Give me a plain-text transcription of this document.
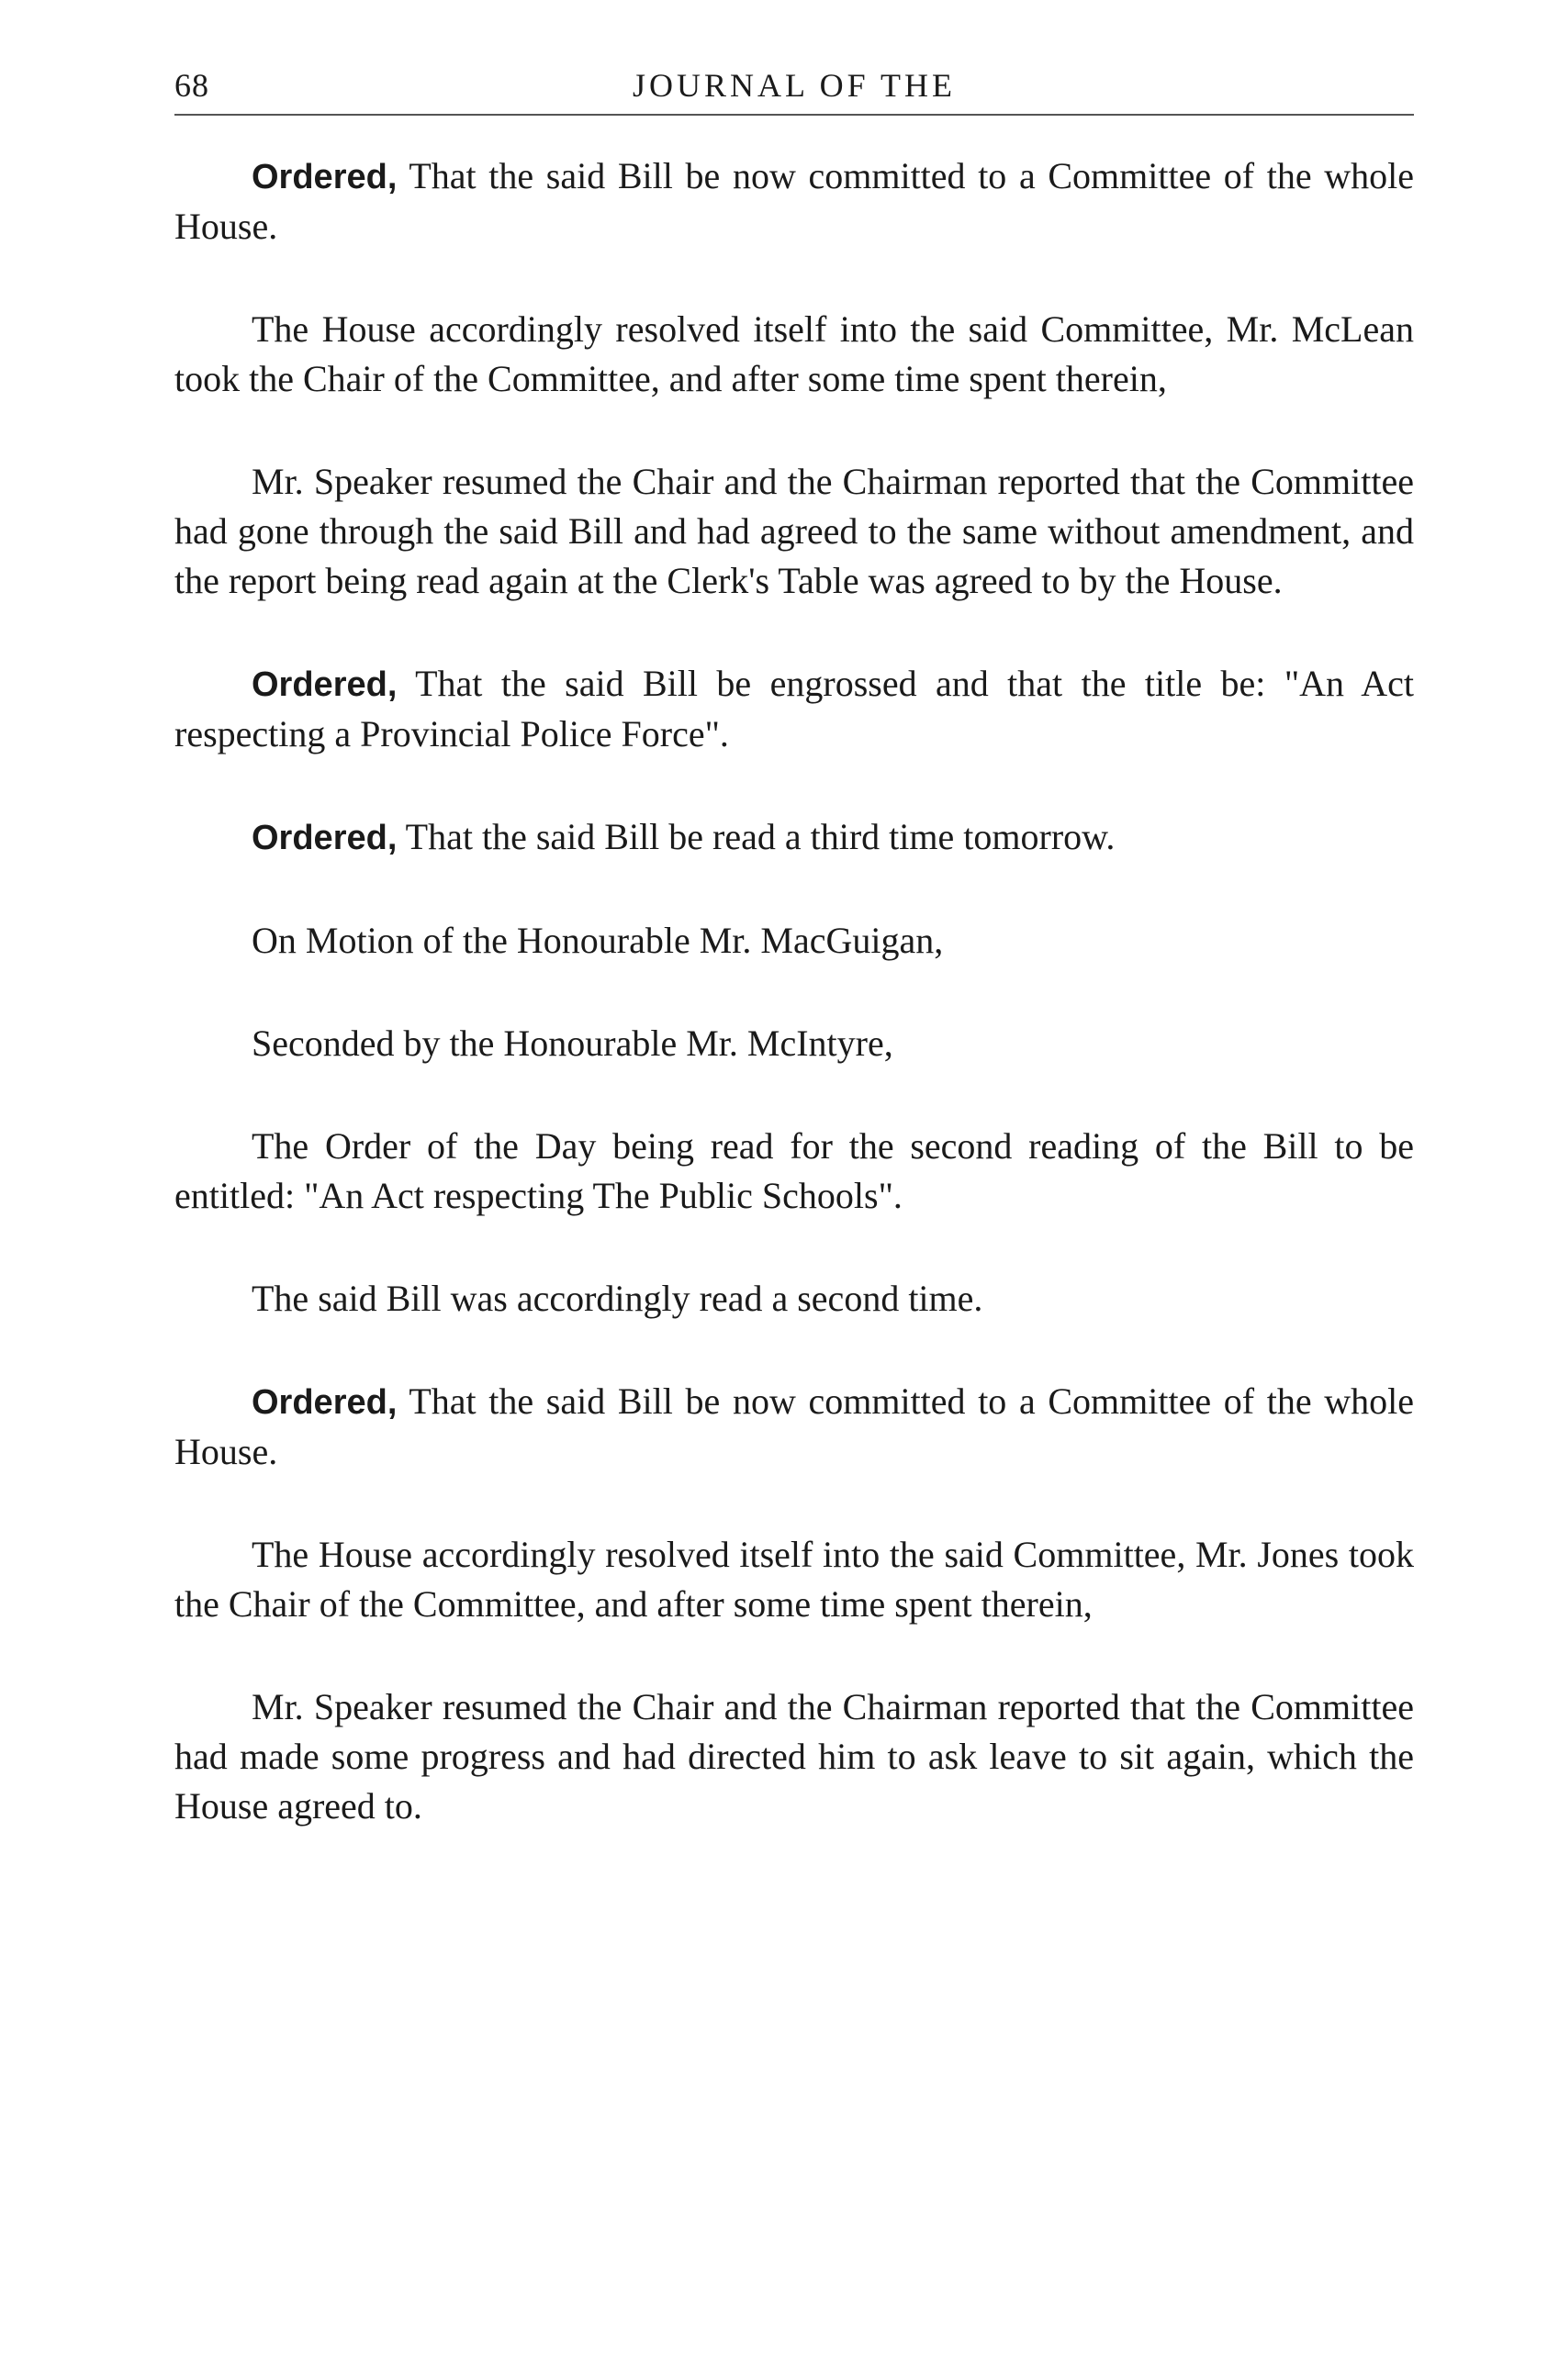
68	JOURNAL OF THE

Ordered, That the said Bill be now committed to a Committee of the whole House.

The House accordingly resolved itself into the said Committee, Mr. McLean took the Chair of the Committee, and after some time spent therein,

Mr. Speaker resumed the Chair and the Chairman reported that the Committee had gone through the said Bill and had agreed to the same without amendment, and the report being read again at the Clerk's Table was agreed to by the House.

Ordered, That the said Bill be engrossed and that the title be: "An Act respecting a Provincial Police Force".

Ordered, That the said Bill be read a third time tomorrow.

On Motion of the Honourable Mr. MacGuigan,

Seconded by the Honourable Mr. McIntyre,

The Order of the Day being read for the second reading of the Bill to be entitled: "An Act respecting The Public Schools".

The said Bill was accordingly read a second time.

Ordered, That the said Bill be now committed to a Committee of the whole House.

The House accordingly resolved itself into the said Committee, Mr. Jones took the Chair of the Committee, and after some time spent therein,

Mr. Speaker resumed the Chair and the Chairman reported that the Committee had made some progress and had directed him to ask leave to sit again, which the House agreed to.
